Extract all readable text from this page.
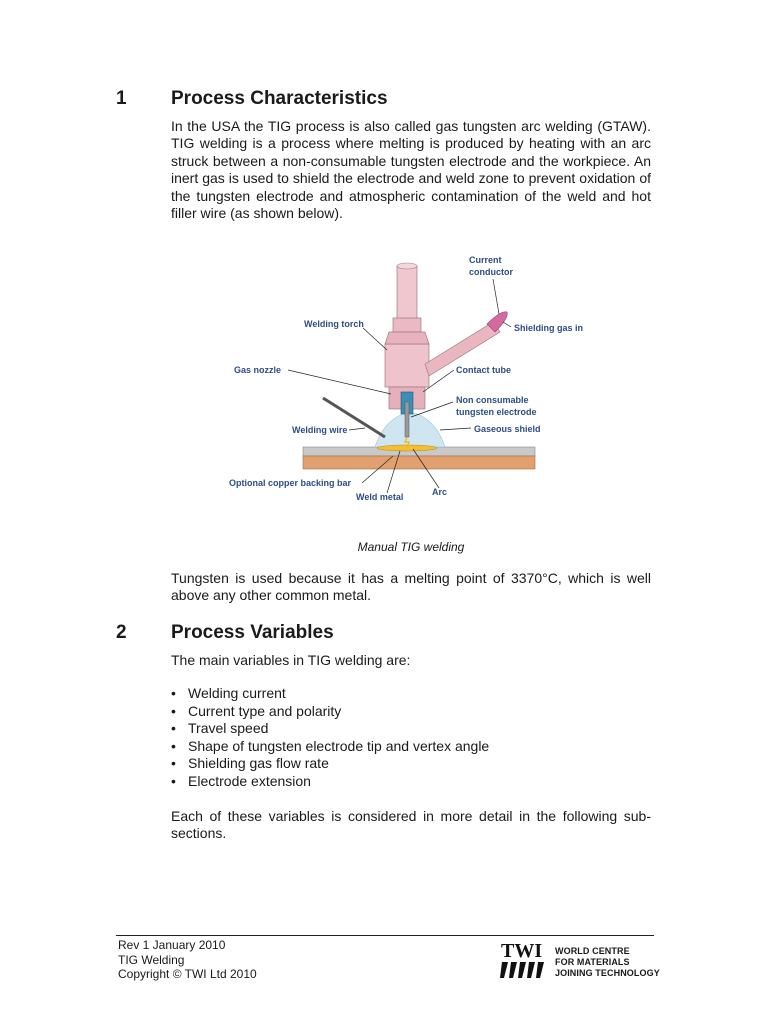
1 Process Characteristics

In the USA the TIG process is also called gas tungsten arc welding (GTAW). TIG welding is a process where melting is produced by heating with an arc struck between a non-consumable tungsten electrode and the workpiece. An inert gas is used to shield the electrode and weld zone to prevent oxidation of the tungsten electrode and atmospheric contamination of the weld and hot filler wire (as shown below).

Current
conductor
Welding torch	Shielding gas in
Gas nozzle	Contact tube
Non consumable
tungsten electrode
Welding wire	Gaseous shield
Optional copper backing bar
Weld metal	Arc
Manual TIG welding

Tungsten is used because it has a melting point of 3370°C, which is well above any other common metal.

2 Process Variables

The main variables in TIG welding are:

• Welding current
• Current type and polarity
• Travel speed
• Shape of tungsten electrode tip and vertex angle
• Shielding gas flow rate
• Electrode extension

Each of these variables is considered in more detail in the following sub-sections.

Rev 1 January 2010
TIG Welding
Copyright © TWI Ltd 2010
TWI WORLD CENTRE
FOR MATERIALS
JOINING TECHNOLOGY
